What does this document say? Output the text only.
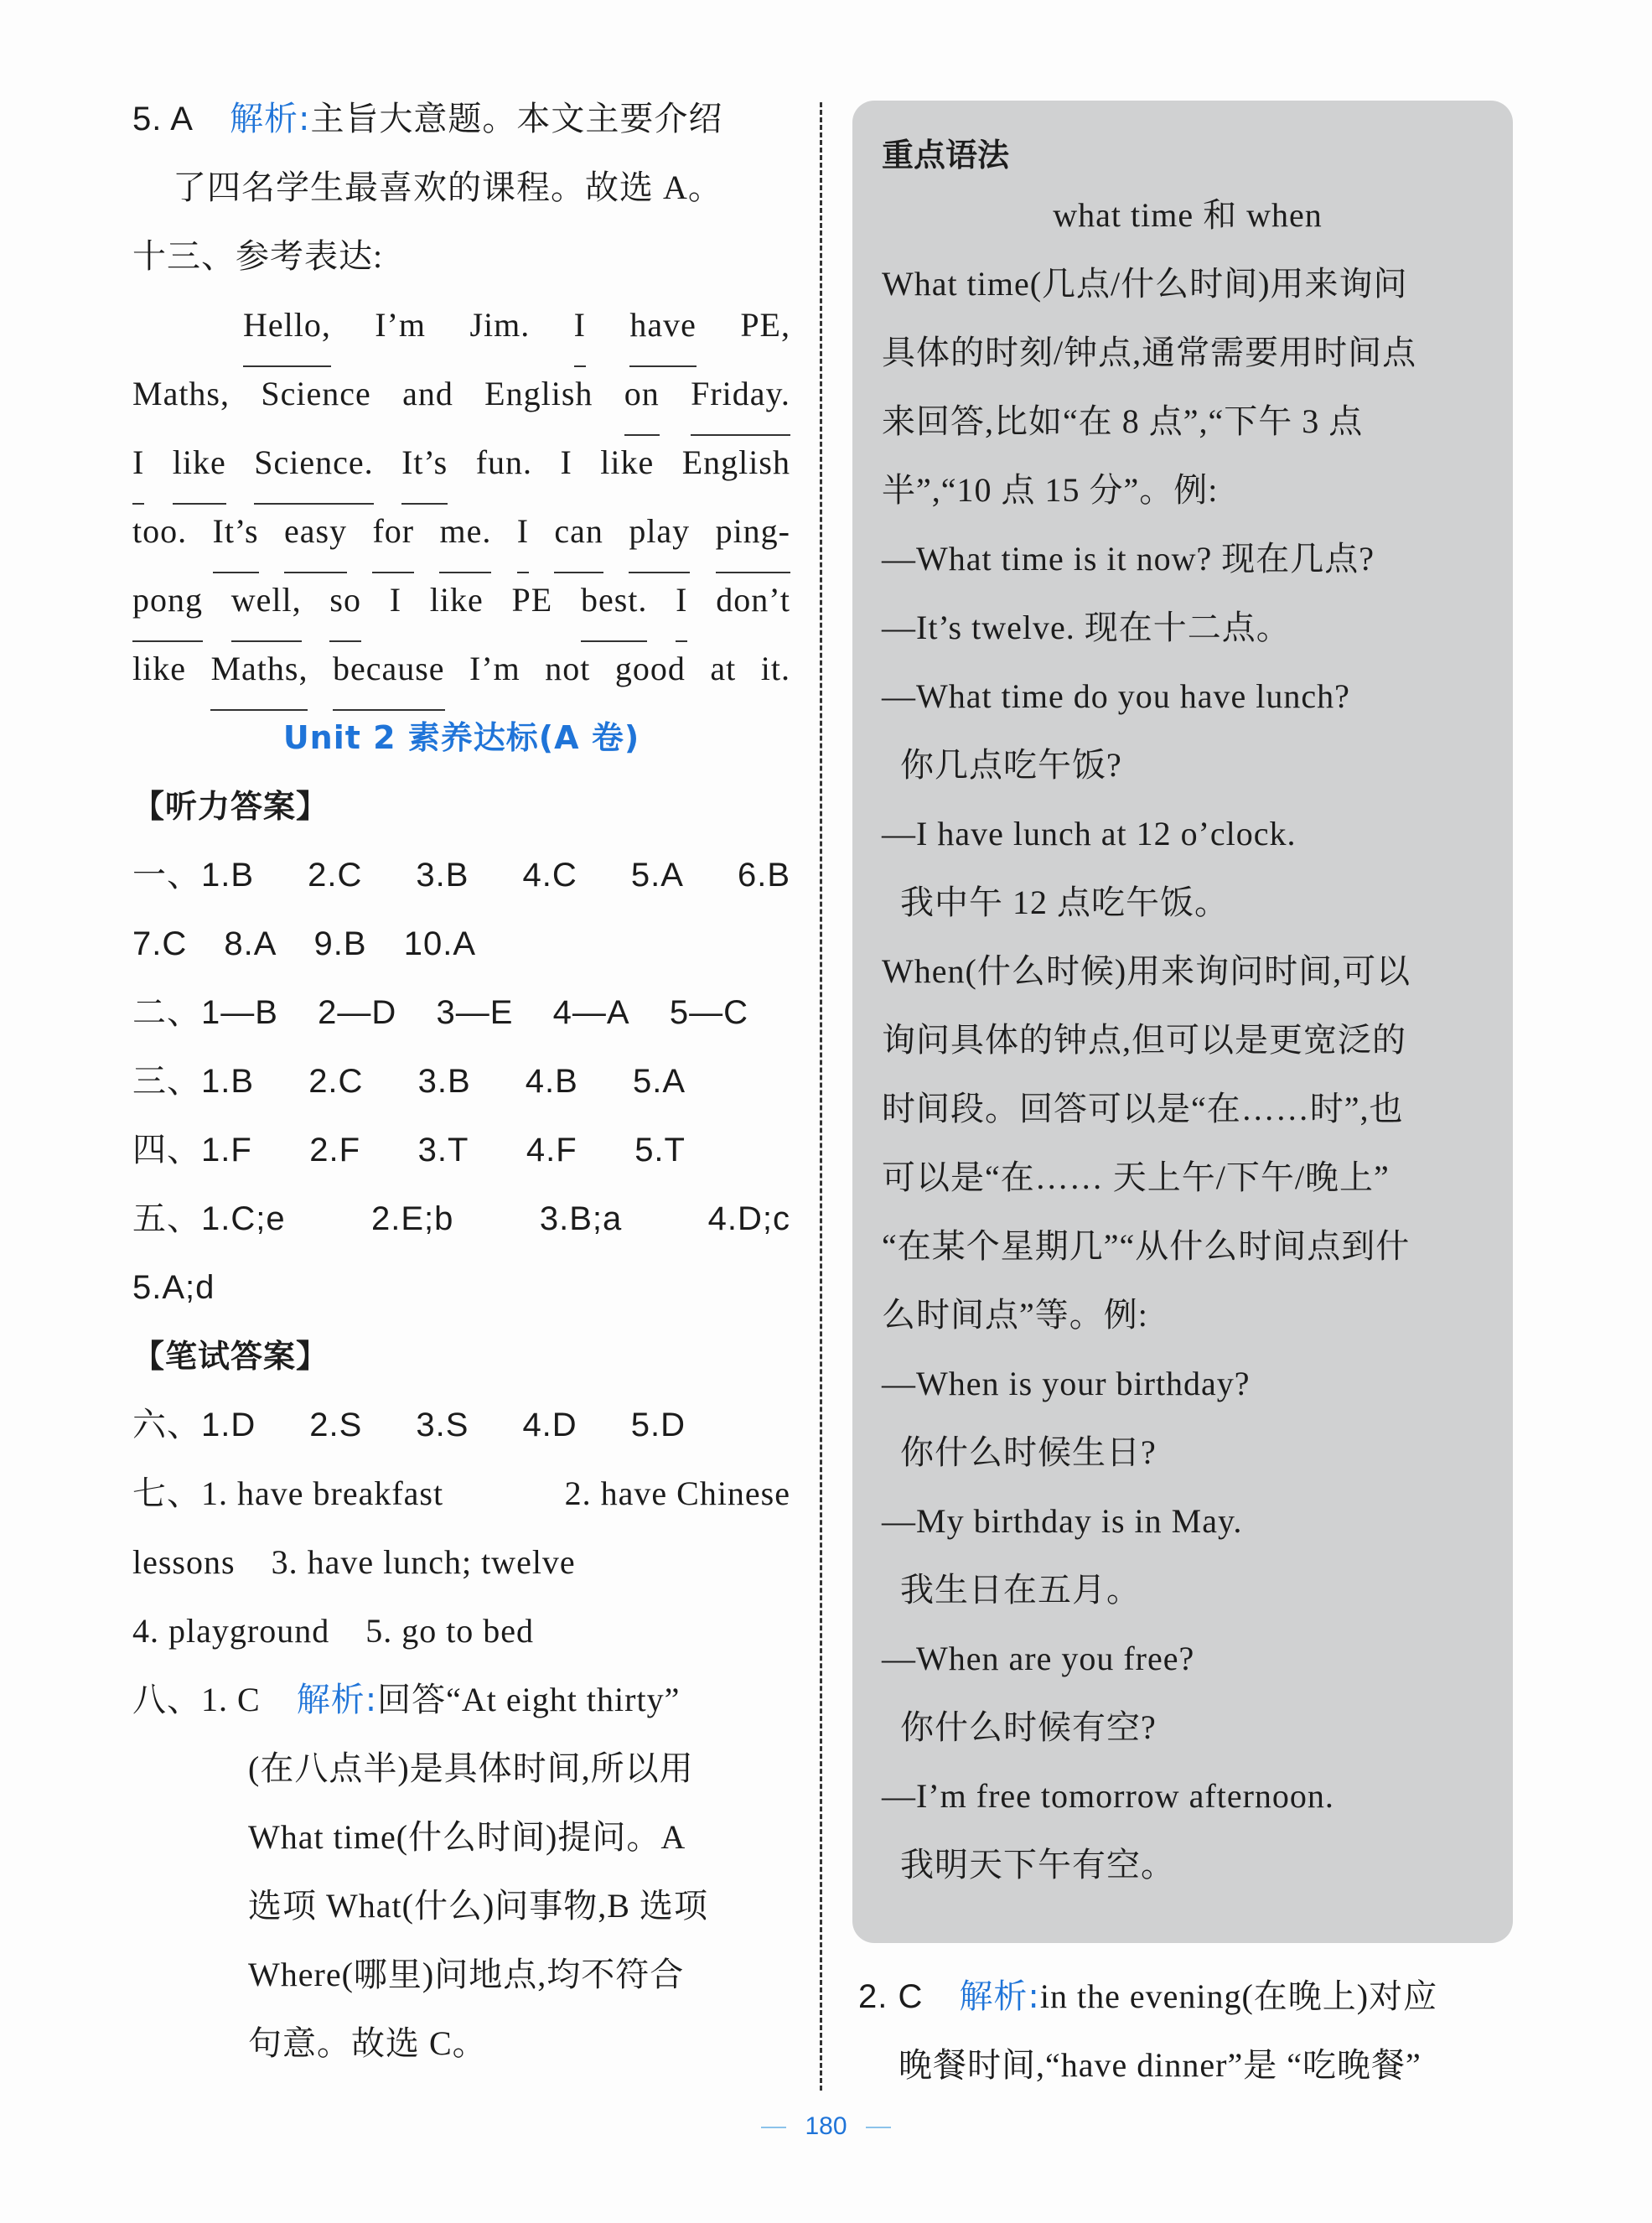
5. A 解析:主旨大意题。本文主要介绍
了四名学生最喜欢的课程。故选 A。
十三、参考表达:
Hello, I’m Jim. I have PE,
Maths, Science and English on Friday.
I like Science. It’s fun. I like English
too. It’s easy for me. I can play ping-
pong well, so I like PE best. I don’t
like Maths, because I’m not good at it.
Unit 2 素养达标(A 卷)
【听力答案】
一、1.B 2.C 3.B 4.C 5.A 6.B
7.C 8.A 9.B 10.A
二、1—B 2—D 3—E 4—A 5—C
三、1.B 2.C 3.B 4.B 5.A
四、1.F 2.F 3.T 4.F 5.T
五、1.C;e	2.E;b	3.B;a	4.D;c
5.A;d
【笔试答案】
六、1.D 2.S 3.S 4.D 5.D
七、1. have breakfast	2. have Chinese
lessons 3. have lunch; twelve
4. playground 5. go to bed
八、1. C 解析:回答“At eight thirty”
(在八点半)是具体时间,所以用
What time(什么时间)提问。A
选项 What(什么)问事物,B 选项
Where(哪里)问地点,均不符合
句意。故选 C。
重点语法
what time 和 when
What time(几点/什么时间)用来询问
具体的时刻/钟点,通常需要用时间点
来回答,比如“在 8 点”,“下午 3 点
半”,“10 点 15 分”。例:
—What time is it now? 现在几点?
—It’s twelve. 现在十二点。
—What time do you have lunch?
你几点吃午饭?
—I have lunch at 12 o’clock.
我中午 12 点吃午饭。
When(什么时候)用来询问时间,可以
询问具体的钟点,但可以是更宽泛的
时间段。回答可以是“在……时”,也
可以是“在…… 天上午/下午/晚上”
“在某个星期几”“从什么时间点到什
么时间点”等。例:
—When is your birthday?
你什么时候生日?
—My birthday is in May.
我生日在五月。
—When are you free?
你什么时候有空?
—I’m free tomorrow afternoon.
我明天下午有空。
2. C 解析:in the evening(在晚上)对应
晚餐时间,“have dinner”是 “吃晚餐”
180
